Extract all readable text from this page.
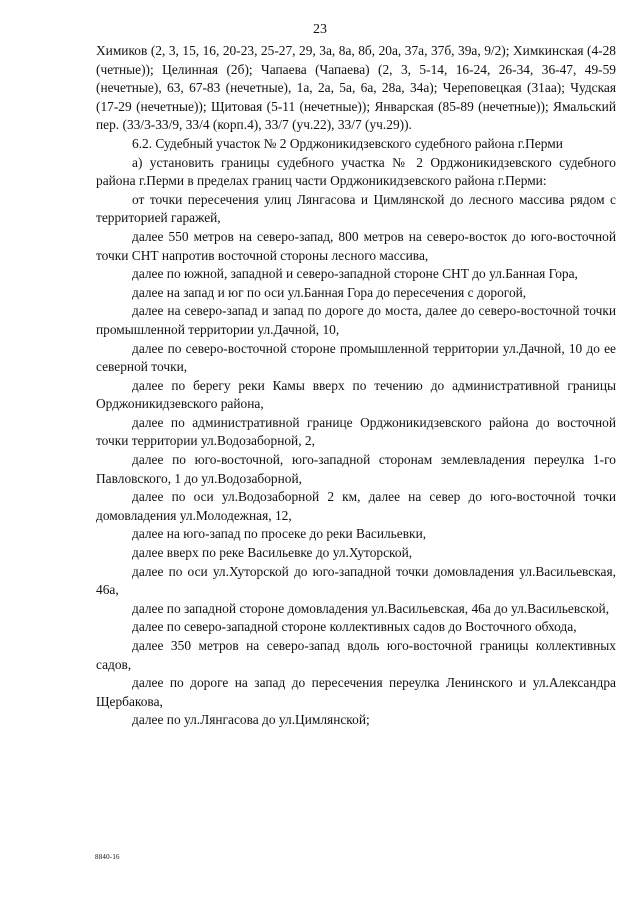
23

Химиков (2, 3, 15, 16, 20-23, 25-27, 29, 3а, 8а, 8б, 20а, 37а, 37б, 39а, 9/2); Химкинская (4-28 (четные)); Целинная (2б); Чапаева (Чапаева) (2, 3, 5-14, 16-24, 26-34, 36-47, 49-59 (нечетные), 63, 67-83 (нечетные), 1а, 2а, 5а, 6а, 28а, 34а); Череповецкая (31аа); Чудская (17-29 (нечетные)); Щитовая (5-11 (нечетные)); Январская (85-89 (нечетные)); Ямальский пер. (33/3-33/9, 33/4 (корп.4), 33/7 (уч.22), 33/7 (уч.29)).

6.2. Судебный участок № 2 Орджоникидзевского судебного района г.Перми

а) установить границы судебного участка № 2 Орджоникидзевского судебного района г.Перми в пределах границ части Орджоникидзевского района г.Перми:

от точки пересечения улиц Лянгасова и Цимлянской до лесного массива рядом с территорией гаражей,

далее 550 метров на северо-запад, 800 метров на северо-восток до юго-восточной точки СНТ напротив восточной стороны лесного массива,

далее по южной, западной и северо-западной стороне СНТ до ул.Банная Гора,

далее на запад и юг по оси ул.Банная Гора до пересечения с дорогой,

далее на северо-запад и запад по дороге до моста, далее до северо-восточной точки промышленной территории ул.Дачной, 10,

далее по северо-восточной стороне промышленной территории ул.Дачной, 10 до ее северной точки,

далее по берегу реки Камы вверх по течению до административной границы Орджоникидзевского района,

далее по административной границе Орджоникидзевского района до восточной точки территории ул.Водозаборной, 2,

далее по юго-восточной, юго-западной сторонам землевладения переулка 1-го Павловского, 1 до ул.Водозаборной,

далее по оси ул.Водозаборной 2 км, далее на север до юго-восточной точки домовладения ул.Молодежная, 12,

далее на юго-запад по просеке до реки Васильевки,

далее вверх по реке Васильевке до ул.Хуторской,

далее по оси ул.Хуторской до юго-западной точки домовладения ул.Васильевская, 46а,

далее по западной стороне домовладения ул.Васильевская, 46а до ул.Васильевской,

далее по северо-западной стороне коллективных садов до Восточного обхода,

далее 350 метров на северо-запад вдоль юго-восточной границы коллективных садов,

далее по дороге на запад до пересечения переулка Ленинского и ул.Александра Щербакова,

далее по ул.Лянгасова до ул.Цимлянской;

8840-16
